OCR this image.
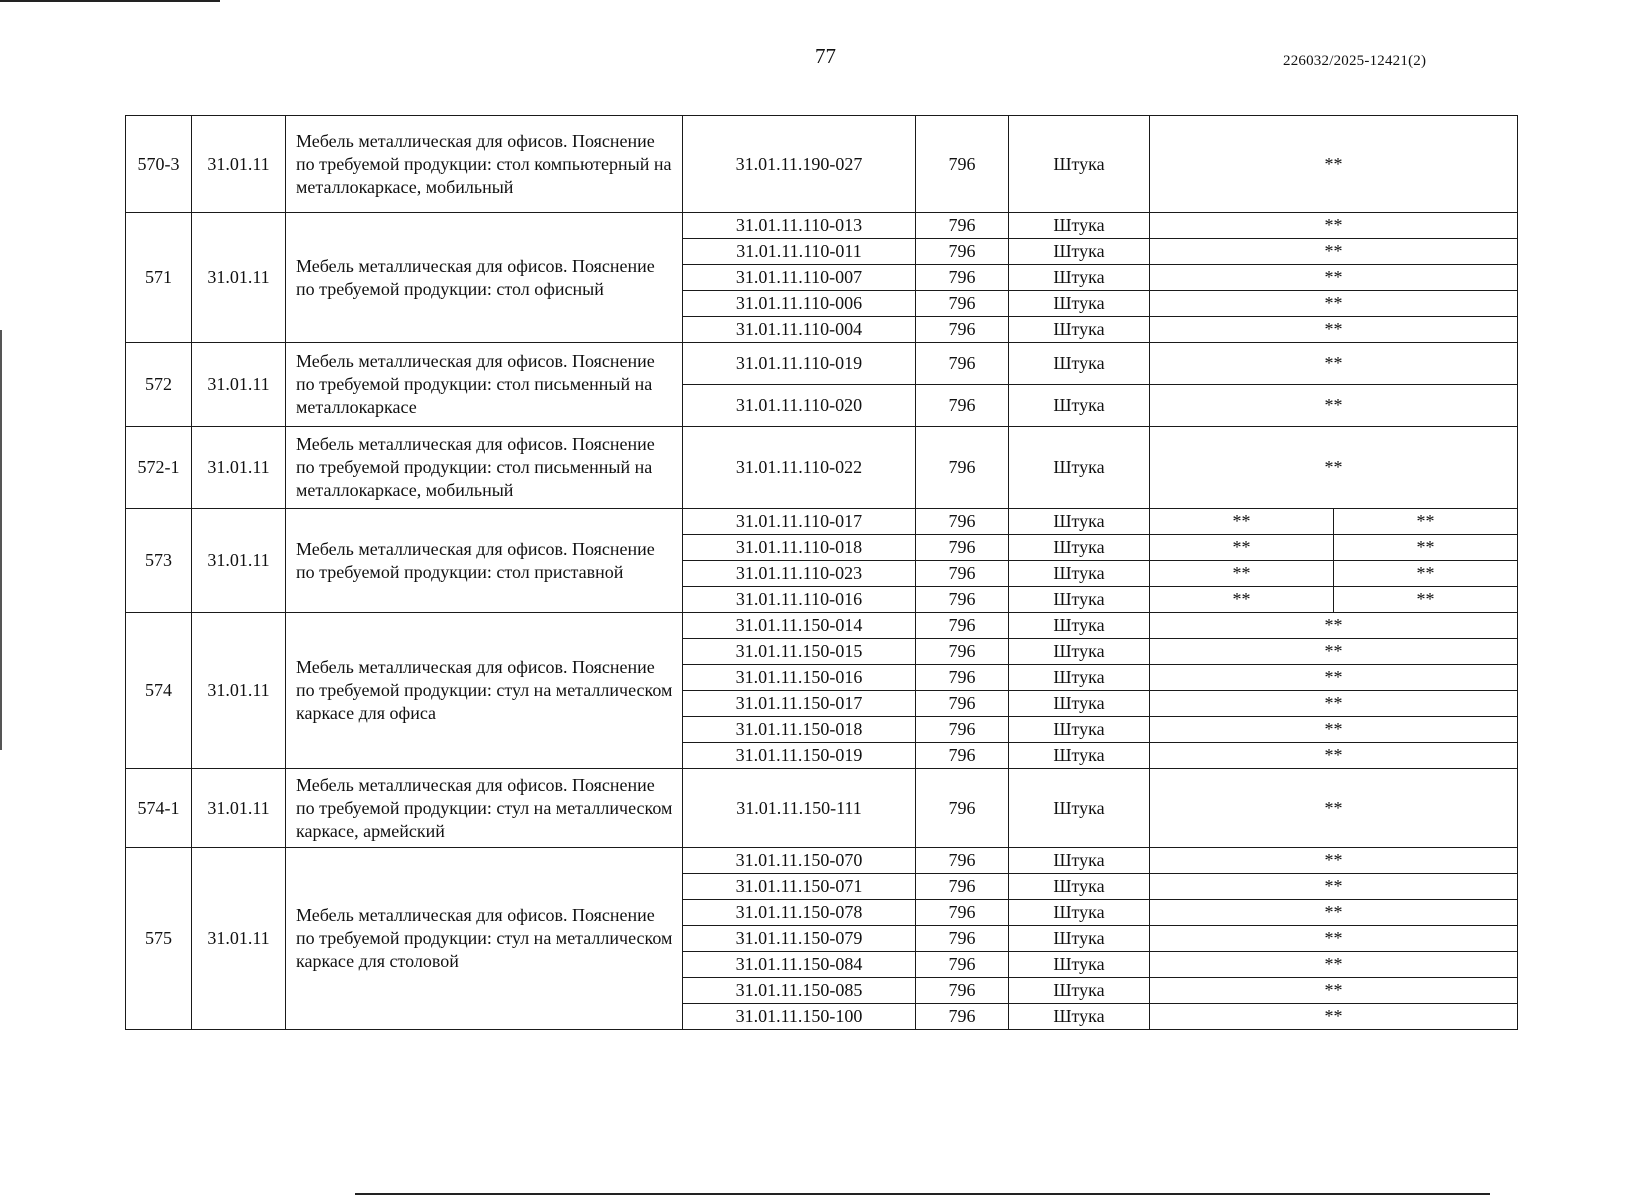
77	226032/2025-12421(2)
570-3	31.01.11	Мебель металлическая для офисов. Пояснение по требуемой продукции: стол компьютерный на металлокаркасе, мобильный	31.01.11.190-027	796	Штука	**	
571	31.01.11	Мебель металлическая для офисов. Пояснение по требуемой продукции: стол офисный	31.01.11.110-013	796	Штука	**	
			31.01.11.110-011	796	Штука	**	
			31.01.11.110-007	796	Штука	**	
			31.01.11.110-006	796	Штука	**	
			31.01.11.110-004	796	Штука	**	
572	31.01.11	Мебель металлическая для офисов. Пояснение по требуемой продукции: стол письменный на металлокаркасе	31.01.11.110-019	796	Штука	**	
			31.01.11.110-020	796	Штука	**	
572-1	31.01.11	Мебель металлическая для офисов. Пояснение по требуемой продукции: стол письменный на металлокаркасе, мобильный	31.01.11.110-022	796	Штука	**	
573	31.01.11	Мебель металлическая для офисов. Пояснение по требуемой продукции: стол приставной	31.01.11.110-017	796	Штука	**	**
			31.01.11.110-018	796	Штука	**	**
			31.01.11.110-023	796	Штука	**	**
			31.01.11.110-016	796	Штука	**	**
574	31.01.11	Мебель металлическая для офисов. Пояснение по требуемой продукции: стул на металлическом каркасе для офиса	31.01.11.150-014	796	Штука	**	
			31.01.11.150-015	796	Штука	**	
			31.01.11.150-016	796	Штука	**	
			31.01.11.150-017	796	Штука	**	
			31.01.11.150-018	796	Штука	**	
			31.01.11.150-019	796	Штука	**	
574-1	31.01.11	Мебель металлическая для офисов. Пояснение по требуемой продукции: стул на металлическом каркасе, армейский	31.01.11.150-111	796	Штука	**	
575	31.01.11	Мебель металлическая для офисов. Пояснение по требуемой продукции: стул на металлическом каркасе для столовой	31.01.11.150-070	796	Штука	**	
			31.01.11.150-071	796	Штука	**	
			31.01.11.150-078	796	Штука	**	
			31.01.11.150-079	796	Штука	**	
			31.01.11.150-084	796	Штука	**	
			31.01.11.150-085	796	Штука	**	
			31.01.11.150-100	796	Штука	**	
